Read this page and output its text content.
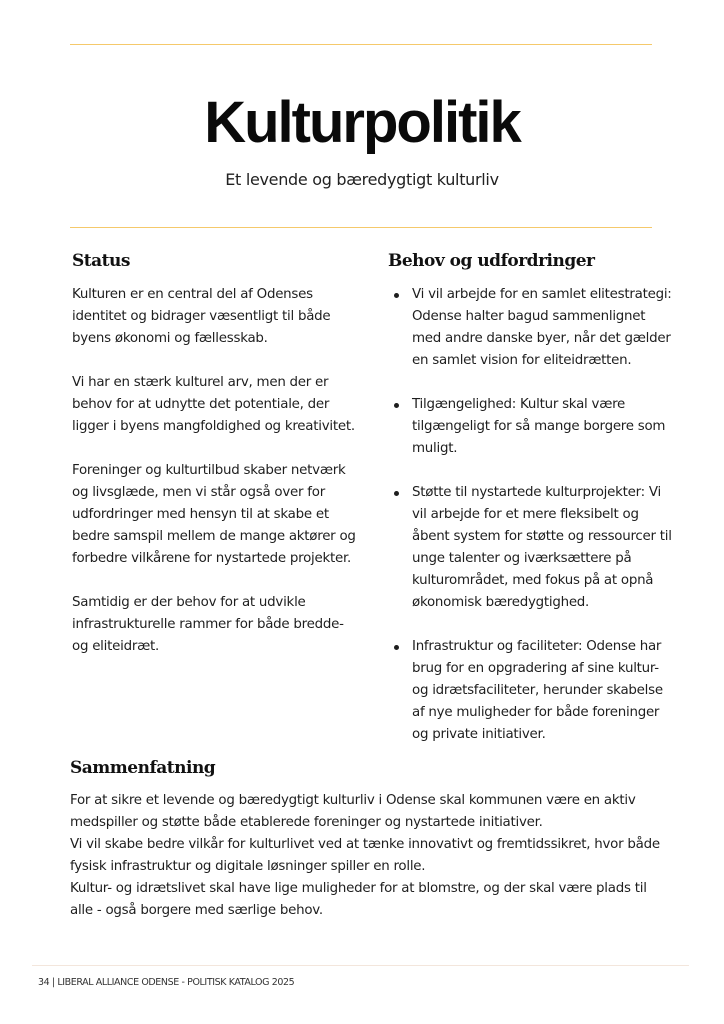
Kulturpolitik
Et levende og bæredygtigt kulturliv
Status

Kulturen er en central del af Odenses identitet og bidrager væsentligt til både byens økonomi og fællesskab.

Vi har en stærk kulturel arv, men der er behov for at udnytte det potentiale, der ligger i byens mangfoldighed og kreativitet.

Foreninger og kulturtilbud skaber netværk og livsglæde, men vi står også over for udfordringer med hensyn til at skabe et bedre samspil mellem de mange aktører og forbedre vilkårene for nystartede projekter.

Samtidig er der behov for at udvikle infrastrukturelle rammer for både bredde- og eliteidræt.

Behov og udfordringer
Vi vil arbejde for en samlet elitestrategi: Odense halter bagud sammenlignet med andre danske byer, når det gælder en samlet vision for eliteidrætten.
Tilgængelighed: Kultur skal være tilgængeligt for så mange borgere som muligt.
Støtte til nystartede kulturprojekter: Vi vil arbejde for et mere fleksibelt og åbent system for støtte og ressourcer til unge talenter og iværksættere på kulturområdet, med fokus på at opnå økonomisk bæredygtighed.
Infrastruktur og faciliteter: Odense har brug for en opgradering af sine kultur- og idrætsfaciliteter, herunder skabelse af nye muligheder for både foreninger og private initiativer.
Sammenfatning

For at sikre et levende og bæredygtigt kulturliv i Odense skal kommunen være en aktiv medspiller og støtte både etablerede foreninger og nystartede initiativer.

Vi vil skabe bedre vilkår for kulturlivet ved at tænke innovativt og fremtidssikret, hvor både fysisk infrastruktur og digitale løsninger spiller en rolle.

Kultur- og idrætslivet skal have lige muligheder for at blomstre, og der skal være plads til alle - også borgere med særlige behov.

34 | LIBERAL ALLIANCE ODENSE - POLITISK KATALOG 2025
